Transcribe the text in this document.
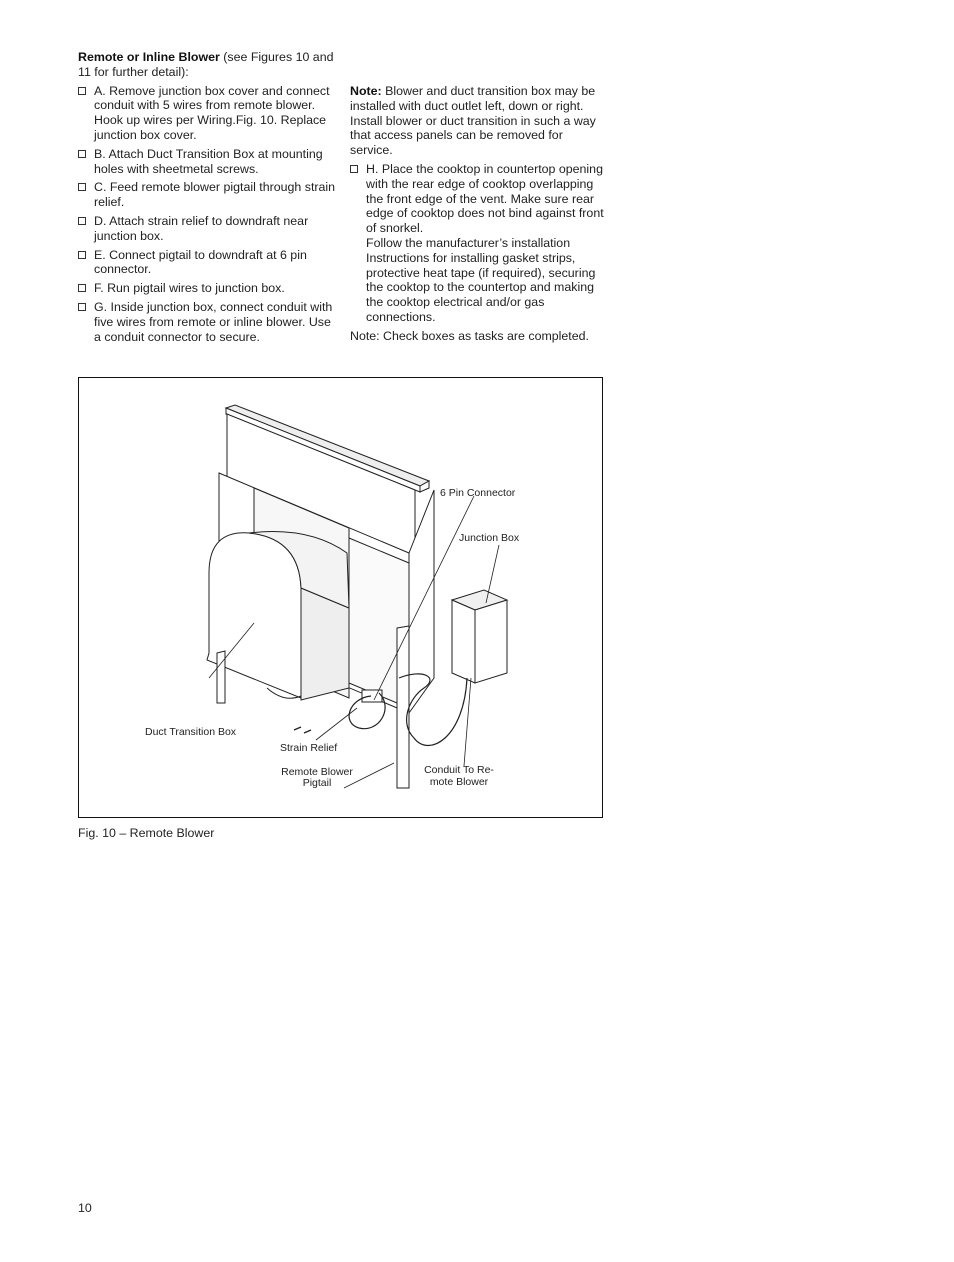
Remote or Inline Blower (see Figures 10 and 11 for further detail):

A. Remove junction box cover and connect conduit with 5 wires from remote blower. Hook up wires per Wiring.Fig. 10. Replace junction box cover.
B. Attach Duct Transition Box at mounting holes with sheetmetal screws.
C. Feed remote blower pigtail through strain relief.
D. Attach strain relief to downdraft near junction box.
E. Connect pigtail to downdraft at 6 pin connector.
F. Run pigtail wires to junction box.
G. Inside junction box, connect conduit with five wires from remote or inline blower. Use a conduit connector to secure.

Note: Blower and duct transition box may be installed with duct outlet left, down or right. Install blower or duct transition in such a way that access panels can be removed for service.

H. Place the cooktop in countertop opening with the rear edge of cooktop overlapping the front edge of the vent. Make sure rear edge of cooktop does not bind against front of snorkel.
Follow the manufacturer’s installation Instructions for installing gasket strips, protective heat tape (if required), securing the cooktop to the countertop and making the cooktop electrical and/or gas connections.

Note: Check boxes as tasks are completed.

6 Pin Connector
Junction Box
Duct Transition Box
Strain Relief
Remote Blower
Pigtail
Conduit To Re-
mote Blower
Fig. 10 – Remote Blower
10
